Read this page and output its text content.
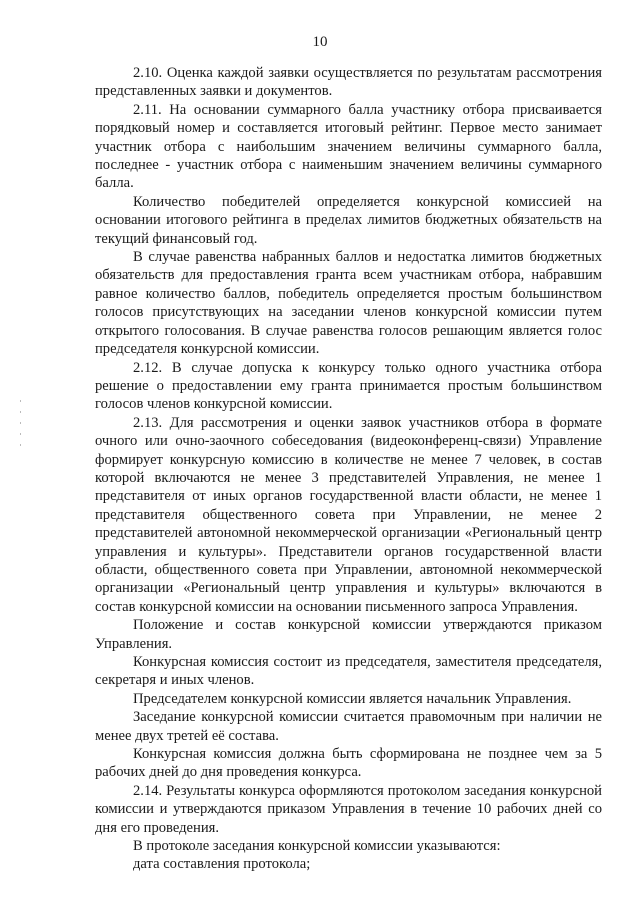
10

2.10. Оценка каждой заявки осуществляется по результатам рассмотрения представленных заявки и документов.

2.11. На основании суммарного балла участнику отбора присваивается порядковый номер и составляется итоговый рейтинг. Первое место занимает участник отбора с наибольшим значением величины суммарного балла, последнее - участник отбора с наименьшим значением величины суммарного балла.

Количество победителей определяется конкурсной комиссией на основании итогового рейтинга в пределах лимитов бюджетных обязательств на текущий финансовый год.

В случае равенства набранных баллов и недостатка лимитов бюджетных обязательств для предоставления гранта всем участникам отбора, набравшим равное количество баллов, победитель определяется простым большинством голосов присутствующих на заседании членов конкурсной комиссии путем открытого голосования. В случае равенства голосов решающим является голос председателя конкурсной комиссии.

2.12. В случае допуска к конкурсу только одного участника отбора решение о предоставлении ему гранта принимается простым большинством голосов членов конкурсной комиссии.

2.13. Для рассмотрения и оценки заявок участников отбора в формате очного или очно-заочного собеседования (видеоконференц-связи) Управление формирует конкурсную комиссию в количестве не менее 7 человек, в состав которой включаются не менее 3 представителей Управления, не менее 1 представителя от иных органов государственной власти области, не менее 1 представителя общественного совета при Управлении, не менее 2 представителей автономной некоммерческой организации «Региональный центр управления и культуры». Представители органов государственной власти области, общественного совета при Управлении, автономной некоммерческой организации «Региональный центр управления и культуры» включаются в состав конкурсной комиссии на основании письменного запроса Управления.

Положение и состав конкурсной комиссии утверждаются приказом Управления.

Конкурсная комиссия состоит из председателя, заместителя председателя, секретаря и иных членов.

Председателем конкурсной комиссии является начальник Управления.

Заседание конкурсной комиссии считается правомочным при наличии не менее двух третей её состава.

Конкурсная комиссия должна быть сформирована не позднее чем за 5 рабочих дней до дня проведения конкурса.

2.14. Результаты конкурса оформляются протоколом заседания конкурсной комиссии и утверждаются приказом Управления в течение 10 рабочих дней со дня его проведения.

В протоколе заседания конкурсной комиссии указываются:

дата составления протокола;
